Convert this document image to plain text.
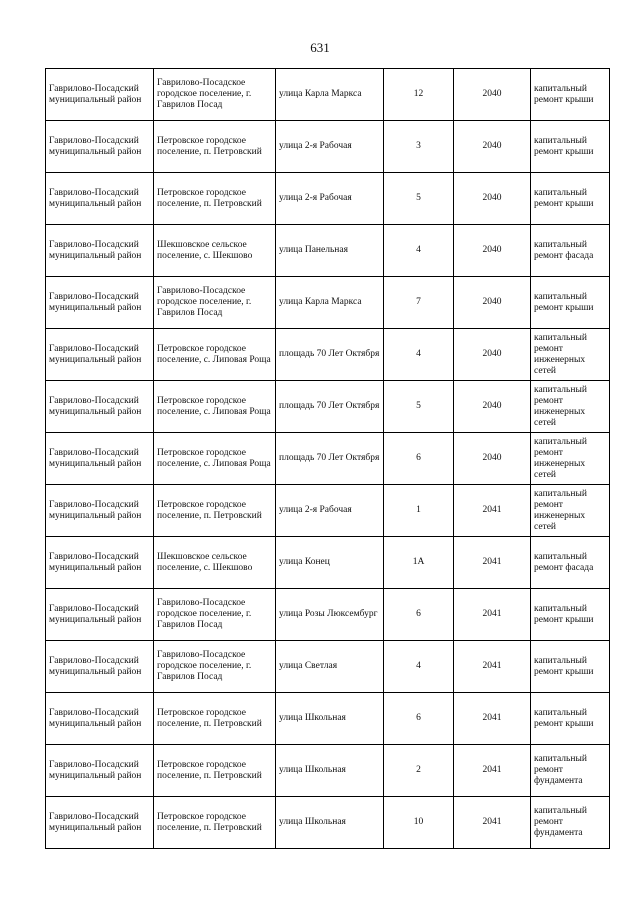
631
Гаврилово-Посадский муниципальный район	Гаврилово-Посадское городское поселение, г. Гаврилов Посад	улица Карла Маркса	12	2040	капитальный ремонт крыши
Гаврилово-Посадский муниципальный район	Петровское городское поселение, п. Петровский	улица 2-я Рабочая	3	2040	капитальный ремонт крыши
Гаврилово-Посадский муниципальный район	Петровское городское поселение, п. Петровский	улица 2-я Рабочая	5	2040	капитальный ремонт крыши
Гаврилово-Посадский муниципальный район	Шекшовское сельское поселение, с. Шекшово	улица Панельная	4	2040	капитальный ремонт фасада
Гаврилово-Посадский муниципальный район	Гаврилово-Посадское городское поселение, г. Гаврилов Посад	улица Карла Маркса	7	2040	капитальный ремонт крыши
Гаврилово-Посадский муниципальный район	Петровское городское поселение, с. Липовая Роща	площадь 70 Лет Октября	4	2040	капитальный ремонт инженерных сетей
Гаврилово-Посадский муниципальный район	Петровское городское поселение, с. Липовая Роща	площадь 70 Лет Октября	5	2040	капитальный ремонт инженерных сетей
Гаврилово-Посадский муниципальный район	Петровское городское поселение, с. Липовая Роща	площадь 70 Лет Октября	6	2040	капитальный ремонт инженерных сетей
Гаврилово-Посадский муниципальный район	Петровское городское поселение, п. Петровский	улица 2-я Рабочая	1	2041	капитальный ремонт инженерных сетей
Гаврилово-Посадский муниципальный район	Шекшовское сельское поселение, с. Шекшово	улица Конец	1А	2041	капитальный ремонт фасада
Гаврилово-Посадский муниципальный район	Гаврилово-Посадское городское поселение, г. Гаврилов Посад	улица Розы Люксембург	6	2041	капитальный ремонт крыши
Гаврилово-Посадский муниципальный район	Гаврилово-Посадское городское поселение, г. Гаврилов Посад	улица Светлая	4	2041	капитальный ремонт крыши
Гаврилово-Посадский муниципальный район	Петровское городское поселение, п. Петровский	улица Школьная	6	2041	капитальный ремонт крыши
Гаврилово-Посадский муниципальный район	Петровское городское поселение, п. Петровский	улица Школьная	2	2041	капитальный ремонт фундамента
Гаврилово-Посадский муниципальный район	Петровское городское поселение, п. Петровский	улица Школьная	10	2041	капитальный ремонт фундамента
